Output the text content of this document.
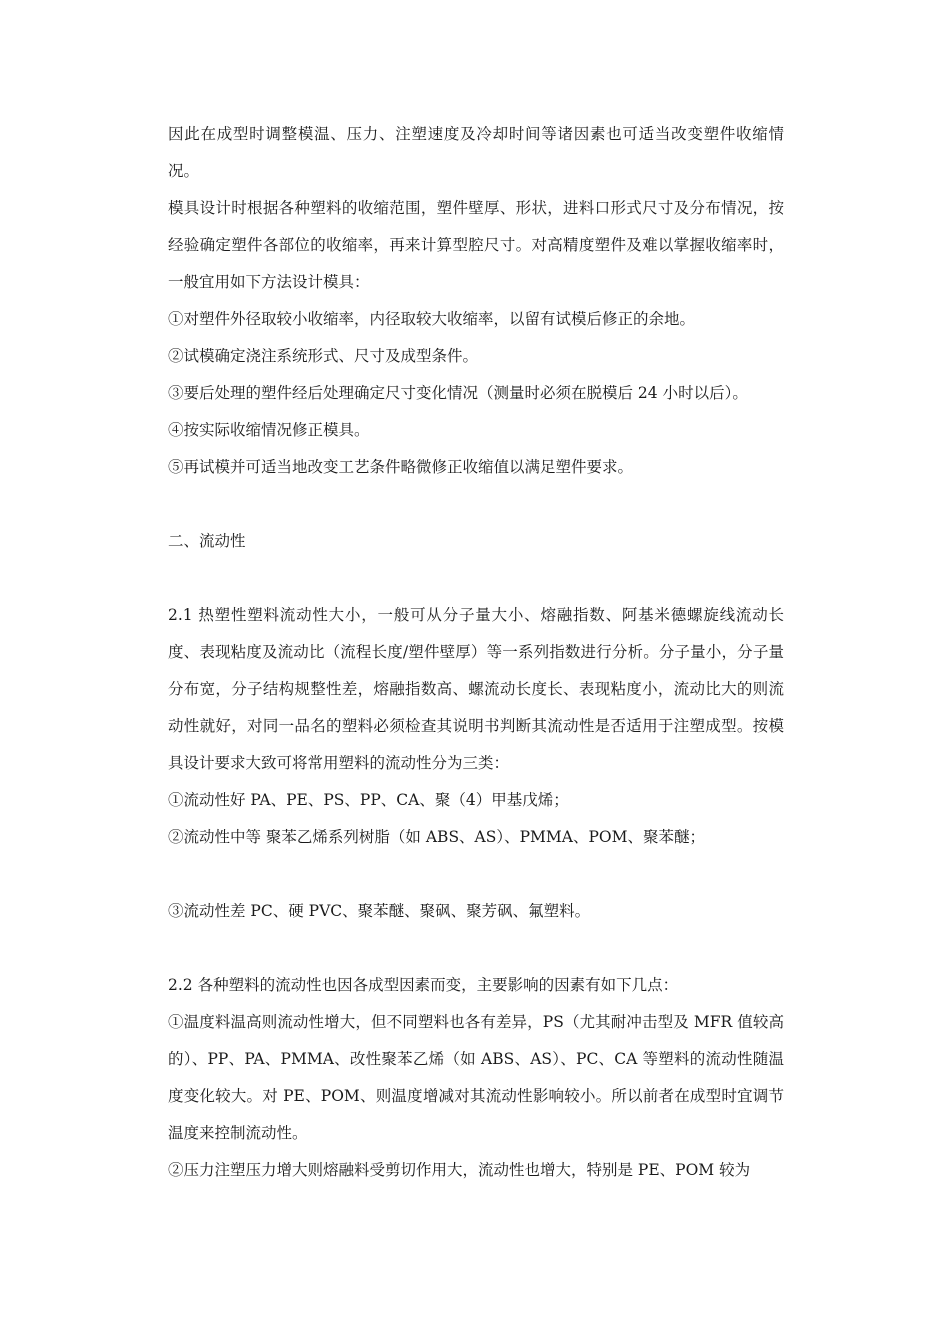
因此在成型时调整模温、压力、注塑速度及冷却时间等诸因素也可适当改变塑件收缩情况。

模具设计时根据各种塑料的收缩范围，塑件壁厚、形状，进料口形式尺寸及分布情况，按经验确定塑件各部位的收缩率，再来计算型腔尺寸。对高精度塑件及难以掌握收缩率时，一般宜用如下方法设计模具：

①对塑件外径取较小收缩率，内径取较大收缩率，以留有试模后修正的余地。

②试模确定浇注系统形式、尺寸及成型条件。

③要后处理的塑件经后处理确定尺寸变化情况（测量时必须在脱模后 24 小时以后）。

④按实际收缩情况修正模具。

⑤再试模并可适当地改变工艺条件略微修正收缩值以满足塑件要求。

二、流动性

2.1 热塑性塑料流动性大小，一般可从分子量大小、熔融指数、阿基米德螺旋线流动长度、表现粘度及流动比（流程长度/塑件壁厚）等一系列指数进行分析。分子量小，分子量分布宽，分子结构规整性差，熔融指数高、螺流动长度长、表现粘度小，流动比大的则流动性就好，对同一品名的塑料必须检查其说明书判断其流动性是否适用于注塑成型。按模具设计要求大致可将常用塑料的流动性分为三类：

①流动性好 PA、PE、PS、PP、CA、聚（4）甲基戊烯；

②流动性中等 聚苯乙烯系列树脂（如 ABS、AS）、PMMA、POM、聚苯醚；

③流动性差 PC、硬 PVC、聚苯醚、聚砜、聚芳砜、氟塑料。

2.2 各种塑料的流动性也因各成型因素而变，主要影响的因素有如下几点：

①温度料温高则流动性增大，但不同塑料也各有差异，PS（尤其耐冲击型及 MFR 值较高的）、PP、PA、PMMA、改性聚苯乙烯（如 ABS、AS）、PC、CA 等塑料的流动性随温度变化较大。对 PE、POM、则温度增减对其流动性影响较小。所以前者在成型时宜调节温度来控制流动性。

②压力注塑压力增大则熔融料受剪切作用大，流动性也增大，特别是 PE、POM 较为
